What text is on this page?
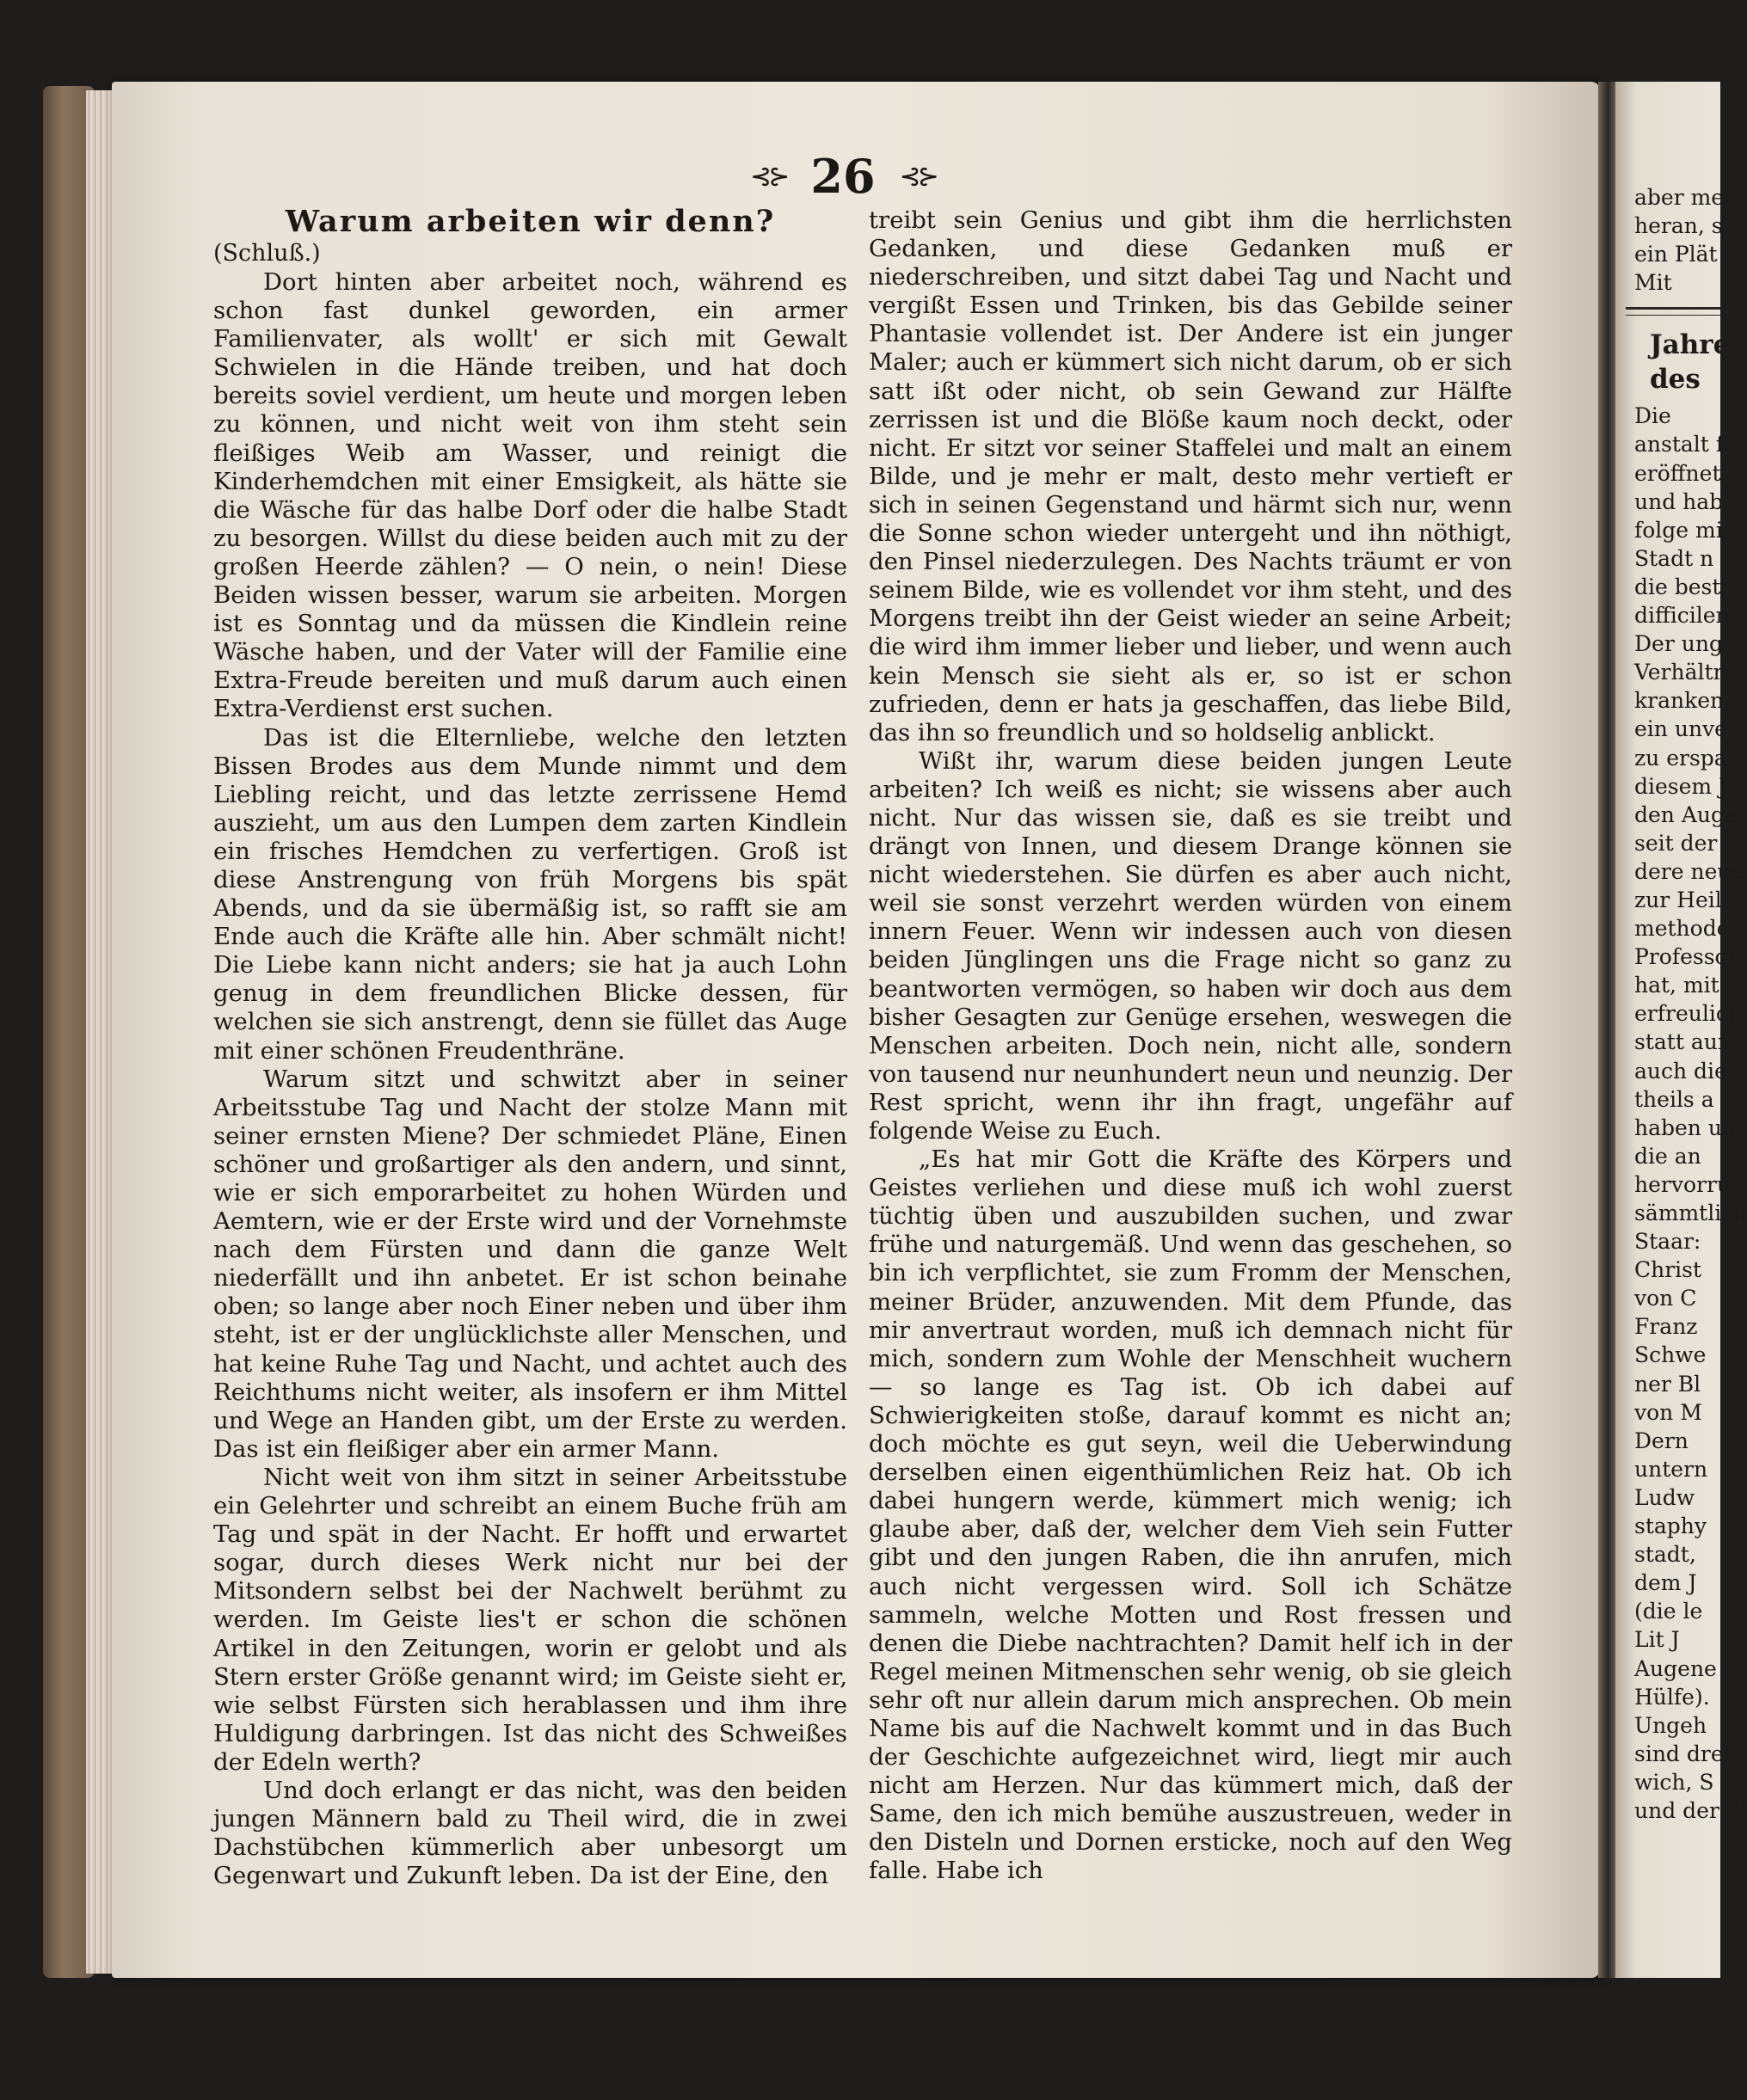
aber mei
heran, s
ein Plät
Mit
Jahre
des
Die
anstalt f
eröffnet
und hab
folge mi
Stadt n
die besti
difficilen
Der ung
Verhältn
kranken
ein unve
zu erspar
diesem J
den Auge
seit der
dere neue
zur Heil
methode
Professor
hat, mit
erfreulich
statt auf
auch die
theils a
haben un
die an
hervorruf
sämmtlich
Staar:
Christ
von C
Franz
Schwe
ner Bl
von M
Dern
untern
Ludw
staphy
stadt,
dem J
(die le
Lit J
Augene
Hülfe).
Ungeh
sind drei
wich, S
und der 7
⊰⊱ 26 ⊰⊱
Warum arbeiten wir denn?

(Schluß.)

Dort hinten aber arbeitet noch, während es schon fast dunkel geworden, ein armer Familienvater, als wollt' er sich mit Gewalt Schwielen in die Hände treiben, und hat doch bereits soviel verdient, um heute und morgen leben zu können, und nicht weit von ihm steht sein fleißiges Weib am Wasser, und reinigt die Kinderhemdchen mit einer Emsigkeit, als hätte sie die Wäsche für das halbe Dorf oder die halbe Stadt zu besorgen. Willst du diese beiden auch mit zu der großen Heerde zählen? — O nein, o nein! Diese Beiden wissen besser, warum sie arbeiten. Morgen ist es Sonntag und da müssen die Kindlein reine Wäsche haben, und der Vater will der Familie eine Extra-Freude bereiten und muß darum auch einen Extra-Verdienst erst suchen.

Das ist die Elternliebe, welche den letzten Bissen Brodes aus dem Munde nimmt und dem Liebling reicht, und das letzte zerrissene Hemd auszieht, um aus den Lumpen dem zarten Kindlein ein frisches Hemdchen zu verfertigen. Groß ist diese Anstrengung von früh Morgens bis spät Abends, und da sie übermäßig ist, so rafft sie am Ende auch die Kräfte alle hin. Aber schmält nicht! Die Liebe kann nicht anders; sie hat ja auch Lohn genug in dem freundlichen Blicke dessen, für welchen sie sich anstrengt, denn sie füllet das Auge mit einer schönen Freudenthräne.

Warum sitzt und schwitzt aber in seiner Arbeitsstube Tag und Nacht der stolze Mann mit seiner ernsten Miene? Der schmiedet Pläne, Einen schöner und großartiger als den andern, und sinnt, wie er sich emporarbeitet zu hohen Würden und Aemtern, wie er der Erste wird und der Vornehmste nach dem Fürsten und dann die ganze Welt niederfällt und ihn anbetet. Er ist schon beinahe oben; so lange aber noch Einer neben und über ihm steht, ist er der unglücklichste aller Menschen, und hat keine Ruhe Tag und Nacht, und achtet auch des Reichthums nicht weiter, als insofern er ihm Mittel und Wege an Handen gibt, um der Erste zu werden. Das ist ein fleißiger aber ein armer Mann.

Nicht weit von ihm sitzt in seiner Arbeitsstube ein Gelehrter und schreibt an einem Buche früh am Tag und spät in der Nacht. Er hofft und erwartet sogar, durch dieses Werk nicht nur bei der Mitsondern selbst bei der Nachwelt berühmt zu werden. Im Geiste lies't er schon die schönen Artikel in den Zeitungen, worin er gelobt und als Stern erster Größe genannt wird; im Geiste sieht er, wie selbst Fürsten sich herablassen und ihm ihre Huldigung darbringen. Ist das nicht des Schweißes der Edeln werth?

Und doch erlangt er das nicht, was den beiden jungen Männern bald zu Theil wird, die in zwei Dachstübchen kümmerlich aber unbesorgt um Gegenwart und Zukunft leben. Da ist der Eine, den

treibt sein Genius und gibt ihm die herrlichsten Gedanken, und diese Gedanken muß er niederschreiben, und sitzt dabei Tag und Nacht und vergißt Essen und Trinken, bis das Gebilde seiner Phantasie vollendet ist. Der Andere ist ein junger Maler; auch er kümmert sich nicht darum, ob er sich satt ißt oder nicht, ob sein Gewand zur Hälfte zerrissen ist und die Blöße kaum noch deckt, oder nicht. Er sitzt vor seiner Staffelei und malt an einem Bilde, und je mehr er malt, desto mehr vertieft er sich in seinen Gegenstand und härmt sich nur, wenn die Sonne schon wieder untergeht und ihn nöthigt, den Pinsel niederzulegen. Des Nachts träumt er von seinem Bilde, wie es vollendet vor ihm steht, und des Morgens treibt ihn der Geist wieder an seine Arbeit; die wird ihm immer lieber und lieber, und wenn auch kein Mensch sie sieht als er, so ist er schon zufrieden, denn er hats ja geschaffen, das liebe Bild, das ihn so freundlich und so holdselig anblickt.

Wißt ihr, warum diese beiden jungen Leute arbeiten? Ich weiß es nicht; sie wissens aber auch nicht. Nur das wissen sie, daß es sie treibt und drängt von Innen, und diesem Drange können sie nicht wiederstehen. Sie dürfen es aber auch nicht, weil sie sonst verzehrt werden würden von einem innern Feuer. Wenn wir indessen auch von diesen beiden Jünglingen uns die Frage nicht so ganz zu beantworten vermögen, so haben wir doch aus dem bisher Gesagten zur Genüge ersehen, weswegen die Menschen arbeiten. Doch nein, nicht alle, sondern von tausend nur neunhundert neun und neunzig. Der Rest spricht, wenn ihr ihn fragt, ungefähr auf folgende Weise zu Euch.

„Es hat mir Gott die Kräfte des Körpers und Geistes verliehen und diese muß ich wohl zuerst tüchtig üben und auszubilden suchen, und zwar frühe und naturgemäß. Und wenn das geschehen, so bin ich verpflichtet, sie zum Fromm der Menschen, meiner Brüder, anzuwenden. Mit dem Pfunde, das mir anvertraut worden, muß ich demnach nicht für mich, sondern zum Wohle der Menschheit wuchern — so lange es Tag ist. Ob ich dabei auf Schwierigkeiten stoße, darauf kommt es nicht an; doch möchte es gut seyn, weil die Ueberwindung derselben einen eigenthümlichen Reiz hat. Ob ich dabei hungern werde, kümmert mich wenig; ich glaube aber, daß der, welcher dem Vieh sein Futter gibt und den jungen Raben, die ihn anrufen, mich auch nicht vergessen wird. Soll ich Schätze sammeln, welche Motten und Rost fressen und denen die Diebe nachtrachten? Damit helf ich in der Regel meinen Mitmenschen sehr wenig, ob sie gleich sehr oft nur allein darum mich ansprechen. Ob mein Name bis auf die Nachwelt kommt und in das Buch der Geschichte aufgezeichnet wird, liegt mir auch nicht am Herzen. Nur das kümmert mich, daß der Same, den ich mich bemühe auszustreuen, weder in den Disteln und Dornen ersticke, noch auf den Weg falle. Habe ich
